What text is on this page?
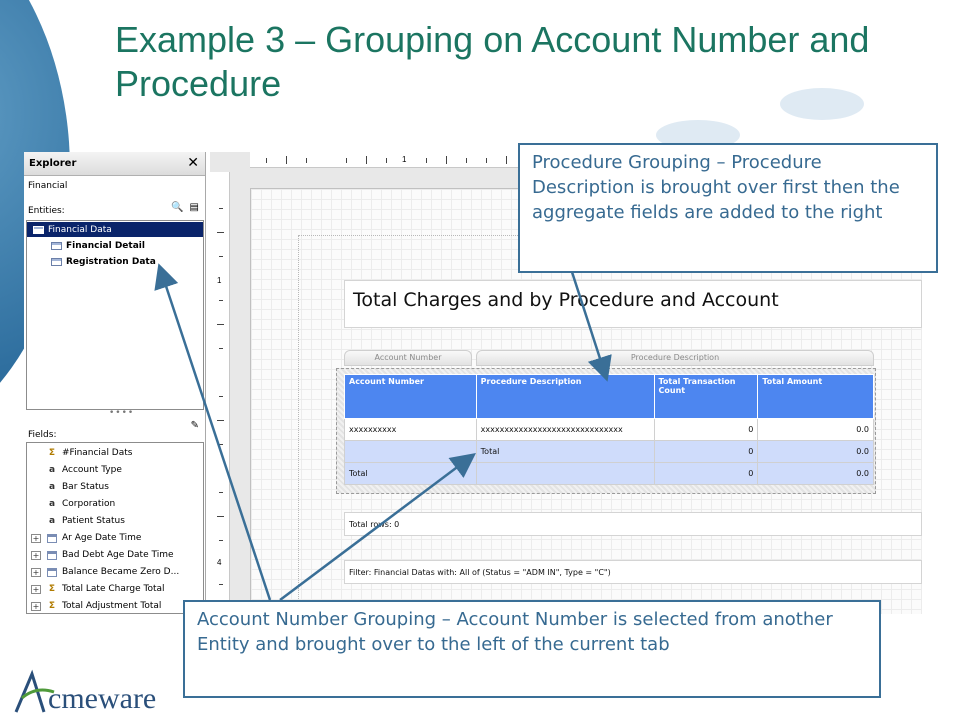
Example 3 – Grouping on Account Number and Procedure
Explorer	✕
Financial
Entities:	🔍 ▤
Financial Data
Financial Detail
Registration Data
••••
Fields:
✎
Σ #Financial Dats
a Account Type
a Bar Status
a Corporation
a Patient Status
+	Ar Age Date Time
+	Bad Debt Age Date Time
+	Balance Became Zero D...
+	Σ Total Late Charge Total
+	Σ Total Adjustment Total
1
1
4
Total Charges and by Procedure and Account
Account Number	Procedure Description
Account Number	Procedure Description	Total Transaction Count	Total Amount
xxxxxxxxxx	xxxxxxxxxxxxxxxxxxxxxxxxxxxxxx	0	0.0
	Total	0	0.0
Total		0	0.0
Total rows: 0
Filter: Financial Datas with: All of (Status = "ADM IN", Type = "C")
Procedure Grouping – Procedure Description is brought over first then the aggregate fields are added to the right
Account Number Grouping – Account Number is selected from another Entity and brought over to the left of the current tab
cmeware
